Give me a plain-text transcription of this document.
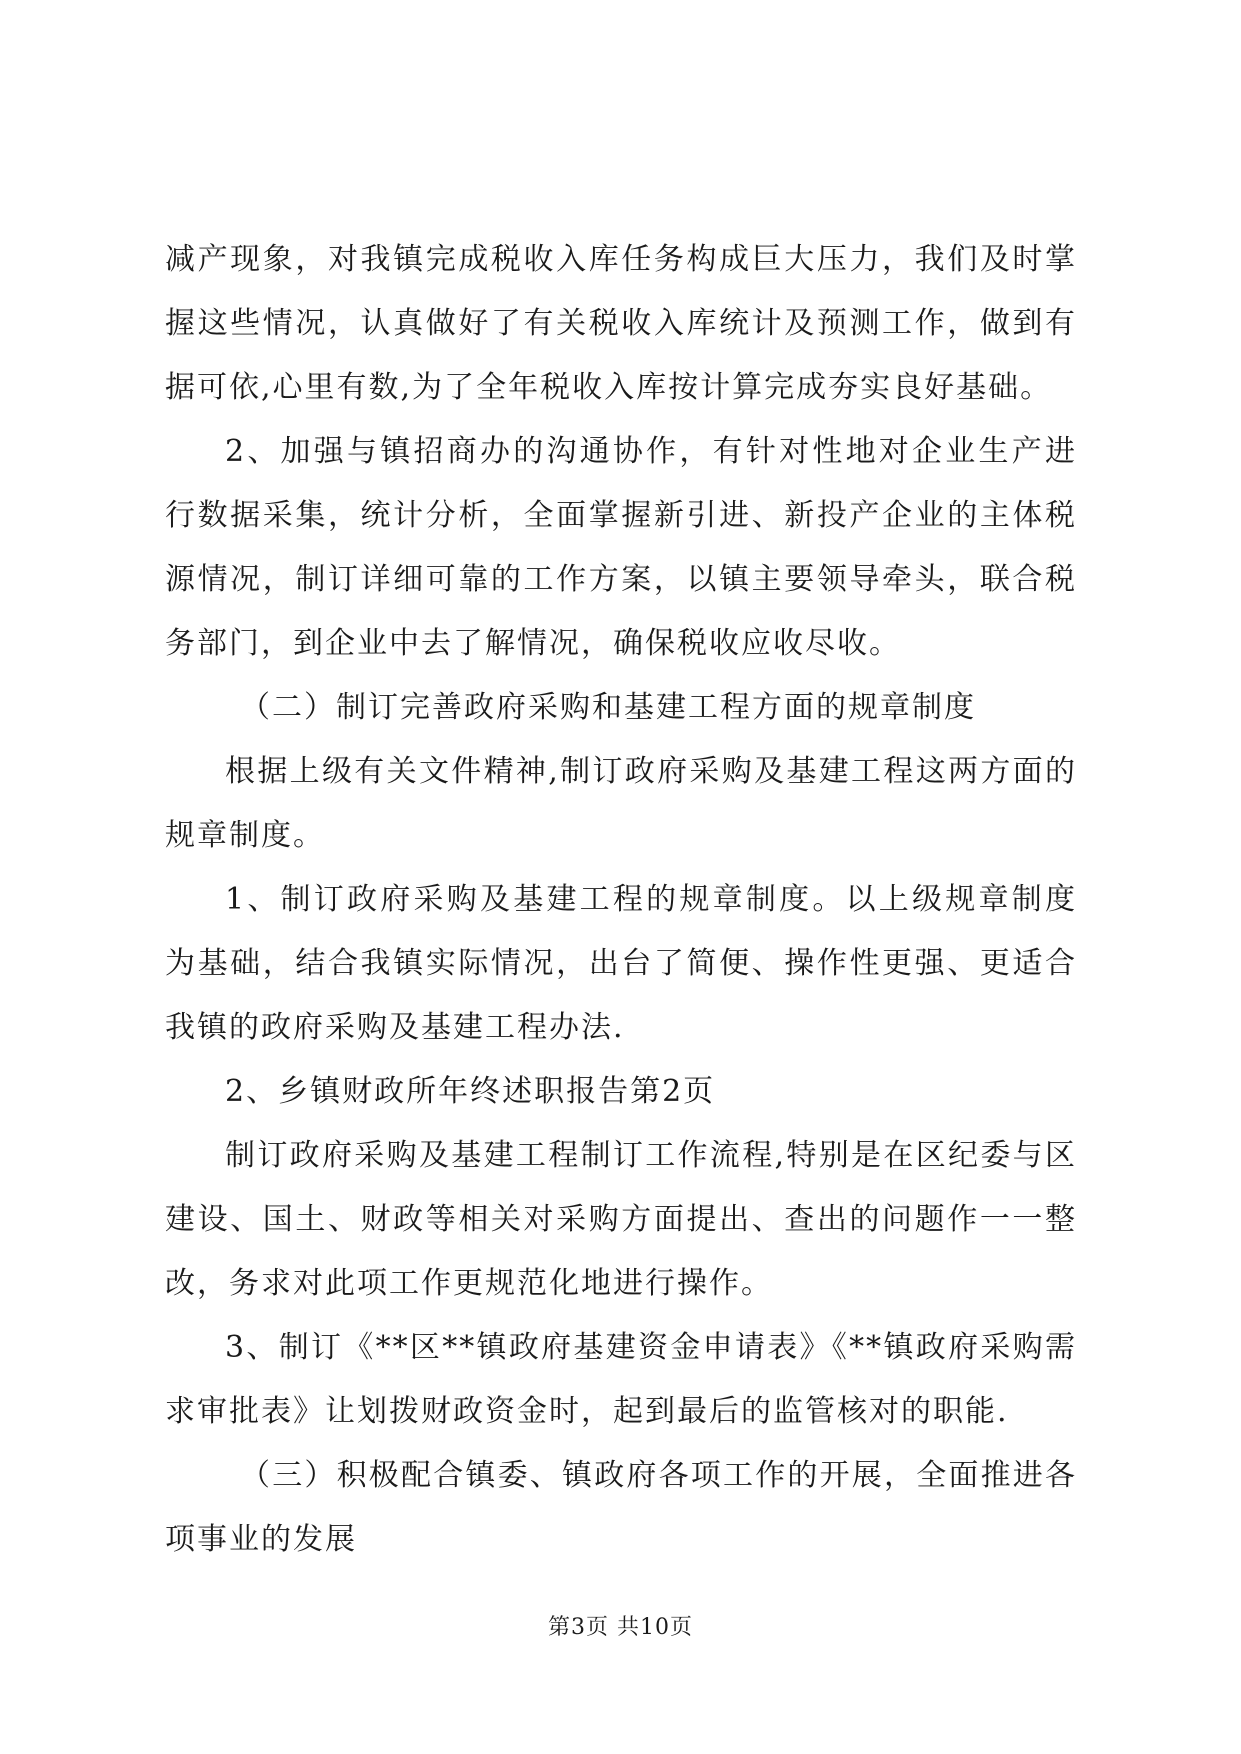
减产现象，对我镇完成税收入库任务构成巨大压力，我们及时掌握这些情况，认真做好了有关税收入库统计及预测工作，做到有据可依,心里有数,为了全年税收入库按计算完成夯实良好基础。

2、加强与镇招商办的沟通协作，有针对性地对企业生产进行数据采集，统计分析，全面掌握新引进、新投产企业的主体税源情况，制订详细可靠的工作方案，以镇主要领导牵头，联合税务部门，到企业中去了解情况，确保税收应收尽收。

（二）制订完善政府采购和基建工程方面的规章制度

根据上级有关文件精神,制订政府采购及基建工程这两方面的规章制度。

1、制订政府采购及基建工程的规章制度。以上级规章制度为基础，结合我镇实际情况，出台了简便、操作性更强、更适合我镇的政府采购及基建工程办法.

2、乡镇财政所年终述职报告第2页

制订政府采购及基建工程制订工作流程,特别是在区纪委与区建设、国土、财政等相关对采购方面提出、查出的问题作一一整改，务求对此项工作更规范化地进行操作。

3、制订《**区**镇政府基建资金申请表》《**镇政府采购需求审批表》让划拨财政资金时，起到最后的监管核对的职能.

（三）积极配合镇委、镇政府各项工作的开展，全面推进各项事业的发展

第3页 共10页
